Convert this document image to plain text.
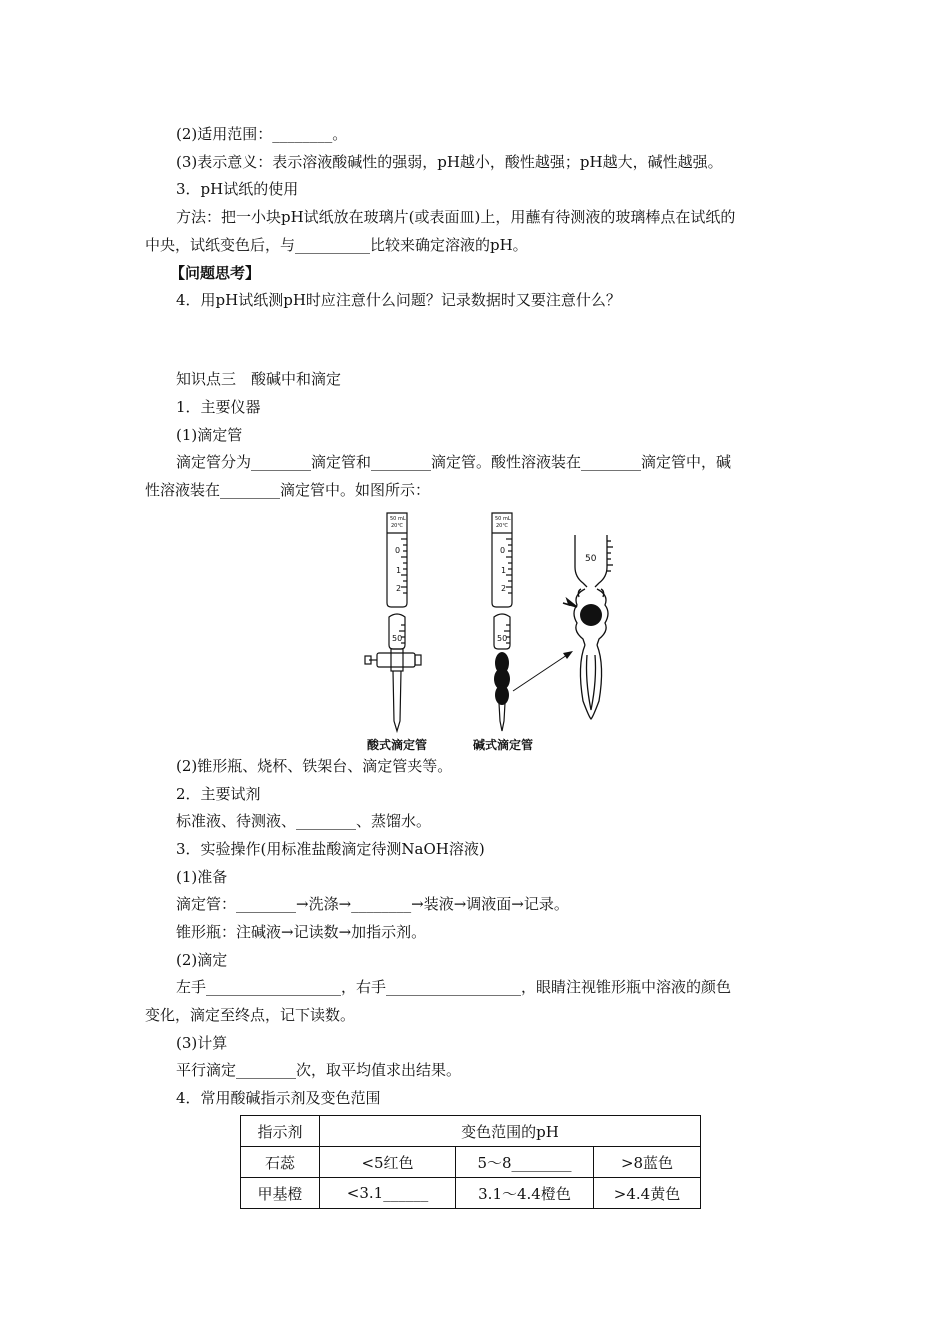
(2)适用范围：________。
(3)表示意义：表示溶液酸碱性的强弱，pH越小，酸性越强；pH越大，碱性越强。
3．pH试纸的使用
方法：把一小块pH试纸放在玻璃片(或表面皿)上，用蘸有待测液的玻璃棒点在试纸的
中央，试纸变色后，与__________比较来确定溶液的pH。
【问题思考】
4．用pH试纸测pH时应注意什么问题？记录数据时又要注意什么？
知识点三　酸碱中和滴定
1．主要仪器
(1)滴定管
滴定管分为________滴定管和________滴定管。酸性溶液装在________滴定管中，碱
性溶液装在________滴定管中。如图所示：
50 mL
20℃
0
1
2
50
50 mL
20℃
0
1
2
50
50
酸式滴定管	碱式滴定管
(2)锥形瓶、烧杯、铁架台、滴定管夹等。
2．主要试剂
标准液、待测液、________、蒸馏水。
3．实验操作(用标准盐酸滴定待测NaOH溶液)
(1)准备
滴定管：________→洗涤→________→装液→调液面→记录。
锥形瓶：注碱液→记读数→加指示剂。
(2)滴定
左手__________________，右手__________________，眼睛注视锥形瓶中溶液的颜色
变化，滴定至终点，记下读数。
(3)计算
平行滴定________次，取平均值求出结果。
4．常用酸碱指示剂及变色范围
指示剂	变色范围的pH		
石蕊	<5红色	5～8________	>8蓝色
甲基橙	<3.1______	3.1～4.4橙色	>4.4黄色
